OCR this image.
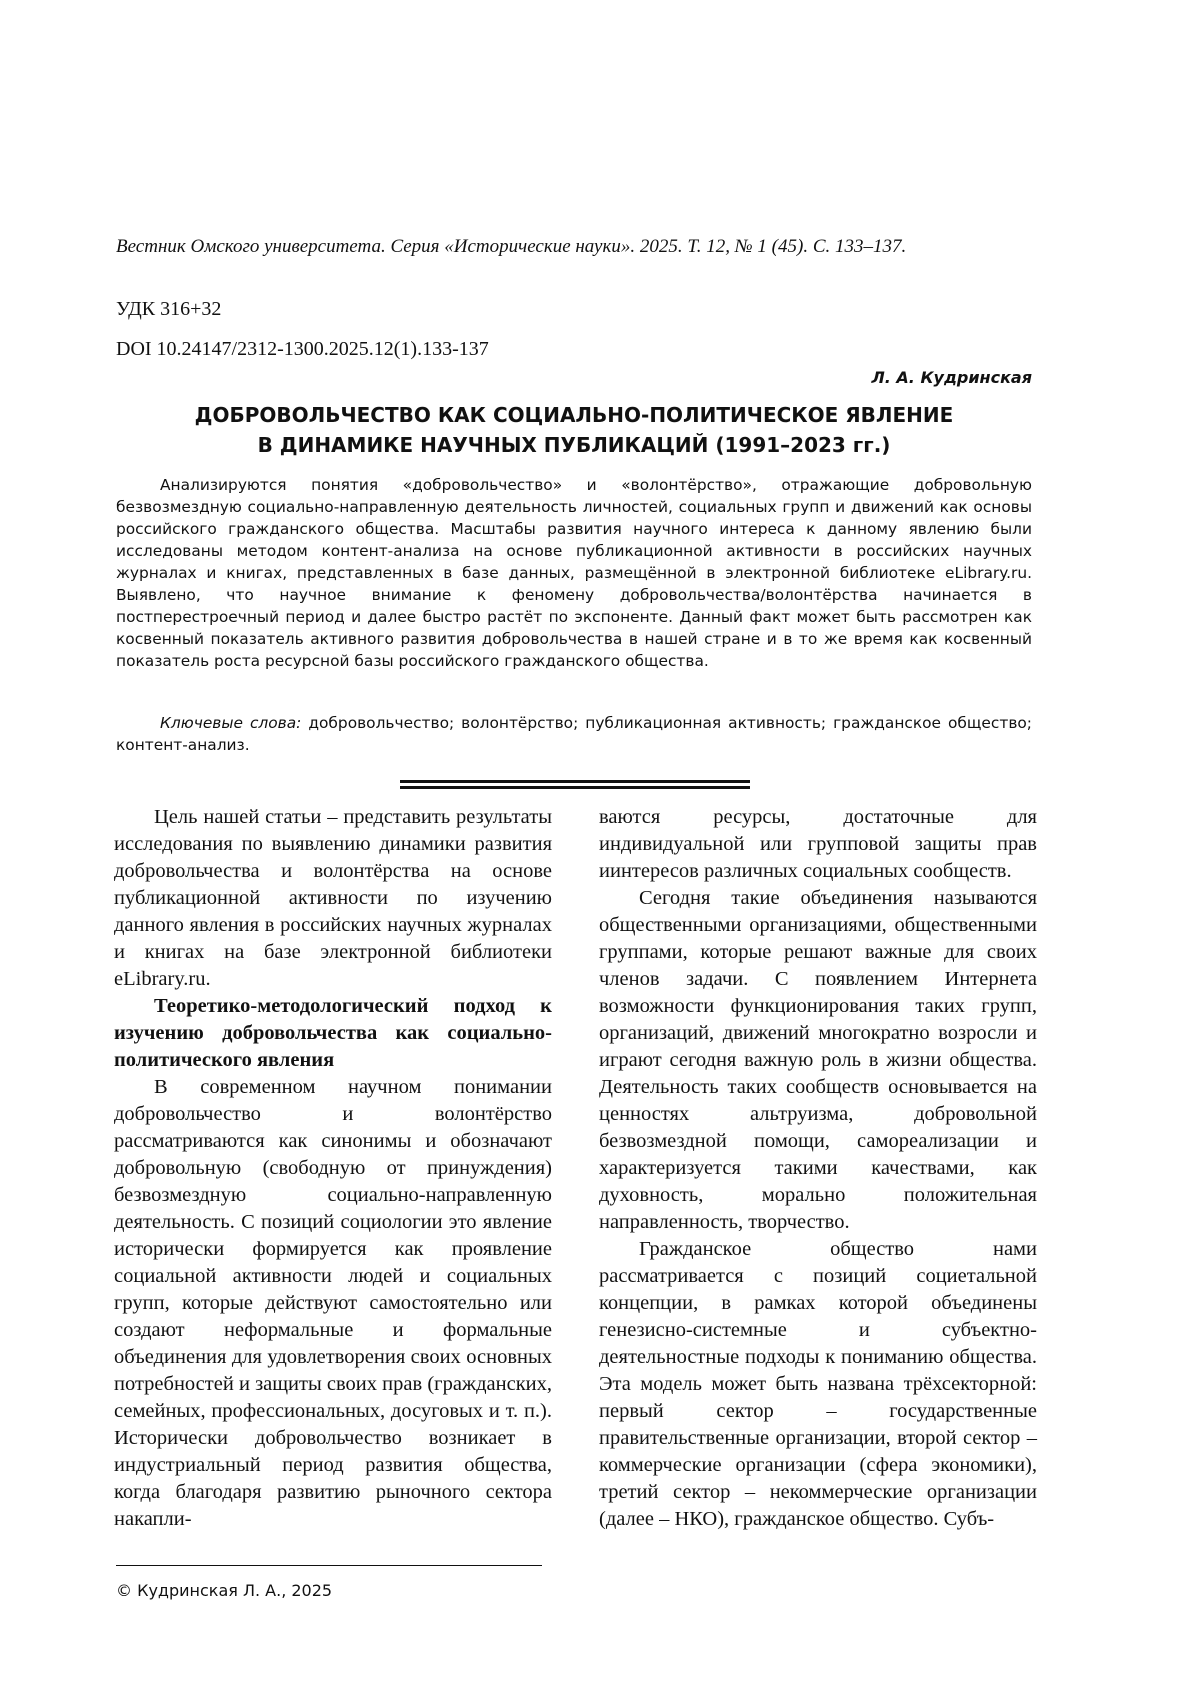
Вестник Омского университета. Серия «Исторические науки». 2025. Т. 12, № 1 (45). С. 133–137.
УДК 316+32
DOI 10.24147/2312-1300.2025.12(1).133-137
Л. А. Кудринская
ДОБРОВОЛЬЧЕСТВО КАК СОЦИАЛЬНО-ПОЛИТИЧЕСКОЕ ЯВЛЕНИЕ
В ДИНАМИКЕ НАУЧНЫХ ПУБЛИКАЦИЙ (1991–2023 гг.)

Анализируются понятия «добровольчество» и «волонтёрство», отражающие добровольную безвозмездную социально-направленную деятельность личностей, социальных групп и движений как основы российского гражданского общества. Масштабы развития научного интереса к данному явлению были исследованы методом контент-анализа на основе публикационной активности в российских научных журналах и книгах, представленных в базе данных, размещённой в электронной библиотеке eLibrary.ru. Выявлено, что научное внимание к феномену добровольчества/волонтёрства начинается в постперестроечный период и далее быстро растёт по экспоненте. Данный факт может быть рассмотрен как косвенный показатель активного развития добровольчества в нашей стране и в то же время как косвенный показатель роста ресурсной базы российского гражданского общества.

Ключевые слова: добровольчество; волонтёрство; публикационная активность; гражданское общество; контент-анализ.

Цель нашей статьи – представить результаты исследования по выявлению динамики развития добровольчества и волонтёрства на основе публикационной активности по изучению данного явления в российских научных журналах и книгах на базе электронной библиотеки eLibrary.ru.

Теоретико-методологический подход к изучению добровольчества как социально-политического явления

В современном научном понимании добровольчество и волонтёрство рассматриваются как синонимы и обозначают добровольную (свободную от принуждения) безвозмездную социально-направленную деятельность. С позиций социологии это явление исторически формируется как проявление социальной активности людей и социальных групп, которые действуют самостоятельно или создают неформальные и формальные объединения для удовлетворения своих основных потребностей и защиты своих прав (гражданских, семейных, профессиональных, досуговых и т. п.). Исторически добровольчество возникает в индустриальный период развития общества, когда благодаря развитию рыночного сектора накапли-

ваются ресурсы, достаточные для индивидуальной или групповой защиты прав иинтересов различных социальных сообществ.

Сегодня такие объединения называются общественными организациями, общественными группами, которые решают важные для своих членов задачи. С появлением Интернета возможности функционирования таких групп, организаций, движений многократно возросли и играют сегодня важную роль в жизни общества. Деятельность таких сообществ основывается на ценностях альтруизма, добровольной безвозмездной помощи, самореализации и характеризуется такими качествами, как духовность, морально положительная направленность, творчество.

Гражданское общество нами рассматривается с позиций социетальной концепции, в рамках которой объединены генезисно-системные и субъектно-деятельностные подходы к пониманию общества. Эта модель может быть названа трёхсекторной: первый сектор – государственные правительственные организации, второй сектор – коммерческие организации (сфера экономики), третий сектор – некоммерческие организации (далее – НКО), гражданское общество. Субъ-

© Кудринская Л. А., 2025
